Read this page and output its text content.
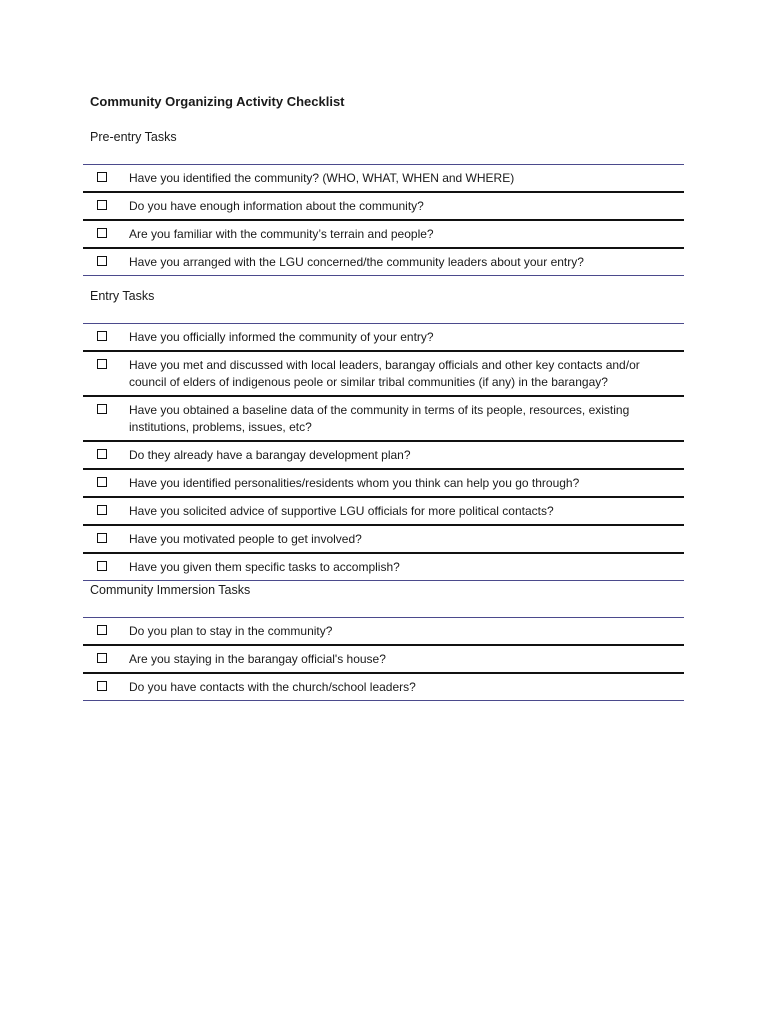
Community Organizing Activity Checklist
Pre-entry Tasks
Have you identified the community? (WHO, WHAT, WHEN and WHERE)
Do you have enough information about the community?
Are you familiar with the community’s terrain and people?
Have you arranged with the LGU concerned/the community leaders about your entry?
Entry Tasks
Have you officially informed the community of your entry?
Have you met and discussed with local leaders, barangay officials and other key contacts and/or council of elders of indigenous peole or similar tribal communities (if any) in the barangay?
Have you obtained a baseline data of the community in terms of its people, resources, existing institutions, problems, issues, etc?
Do they already have a barangay development plan?
Have you identified personalities/residents whom you think can help you go through?
Have you solicited advice of supportive LGU officials for more political contacts?
Have you motivated people to get involved?
Have you given them specific tasks to accomplish?
Community Immersion Tasks
Do you plan to stay in the community?
Are you staying in the barangay official's house?
Do you have contacts with the church/school leaders?
